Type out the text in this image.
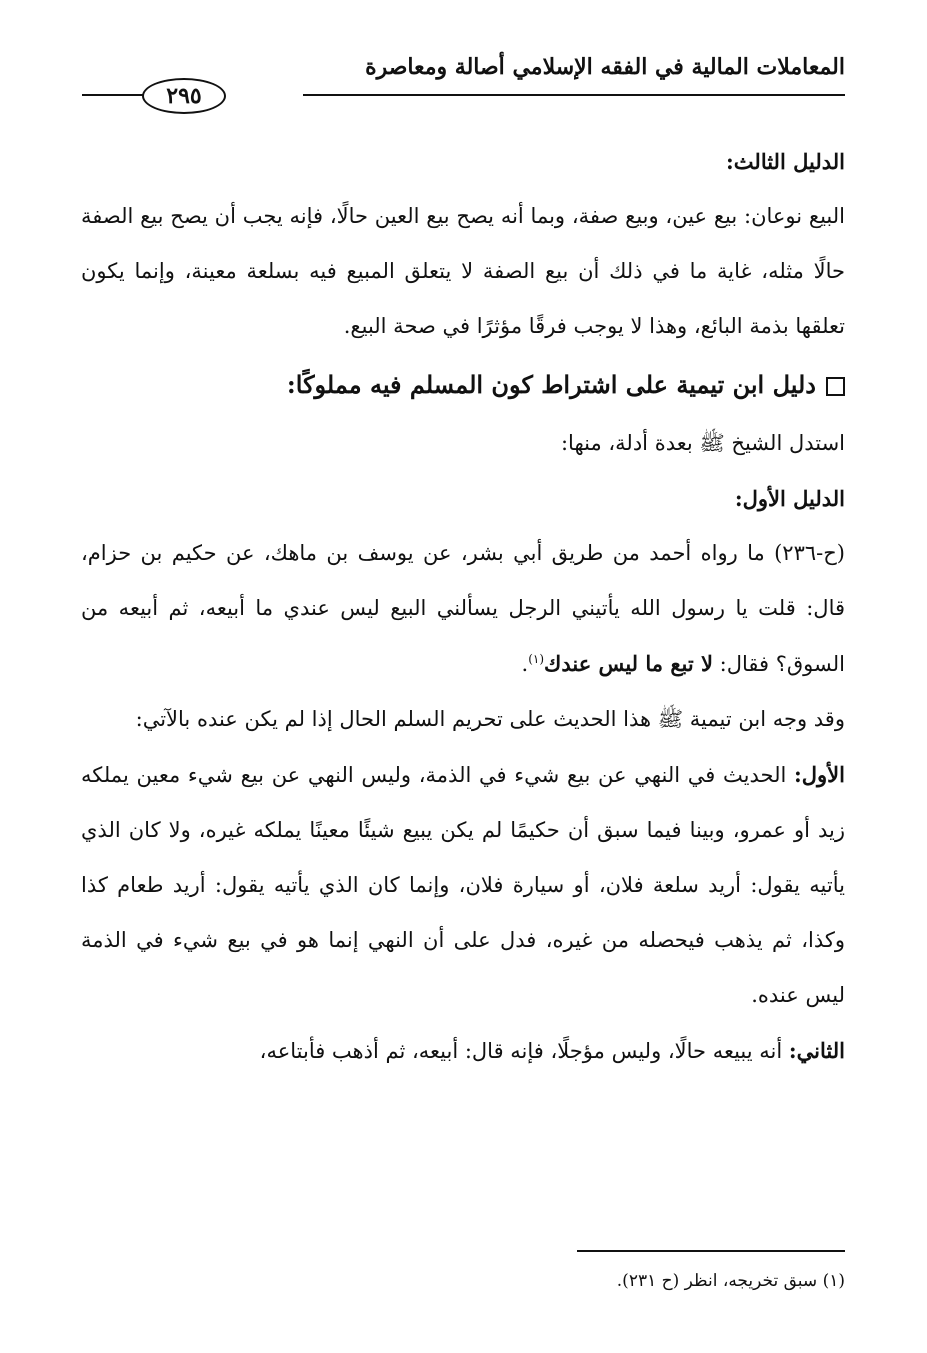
المعاملات المالية في الفقه الإسلامي أصالة ومعاصرة
٢٩٥

الدليل الثالث:

البيع نوعان: بيع عين، وبيع صفة، وبما أنه يصح بيع العين حالًا، فإنه يجب أن يصح بيع الصفة حالًا مثله، غاية ما في ذلك أن بيع الصفة لا يتعلق المبيع فيه بسلعة معينة، وإنما يكون تعلقها بذمة البائع، وهذا لا يوجب فرقًا مؤثرًا في صحة البيع.

دليل ابن تيمية على اشتراط كون المسلم فيه مملوكًا:

استدل الشيخ ﷺ بعدة أدلة، منها:

الدليل الأول:

(ح-٢٣٦) ما رواه أحمد من طريق أبي بشر، عن يوسف بن ماهك، عن حكيم بن حزام، قال: قلت يا رسول الله يأتيني الرجل يسألني البيع ليس عندي ما أبيعه، ثم أبيعه من السوق؟ فقال: لا تبع ما ليس عندك$^{(١)}$.

وقد وجه ابن تيمية ﷺ هذا الحديث على تحريم السلم الحال إذا لم يكن عنده بالآتي:

الأول: الحديث في النهي عن بيع شيء في الذمة، وليس النهي عن بيع شيء معين يملكه زيد أو عمرو، وبينا فيما سبق أن حكيمًا لم يكن يبيع شيئًا معينًا يملكه غيره، ولا كان الذي يأتيه يقول: أريد سلعة فلان، أو سيارة فلان، وإنما كان الذي يأتيه يقول: أريد طعام كذا وكذا، ثم يذهب فيحصله من غيره، فدل على أن النهي إنما هو في بيع شيء في الذمة ليس عنده.

الثاني: أنه يبيعه حالًا، وليس مؤجلًا، فإنه قال: أبيعه، ثم أذهب فأبتاعه،

(١) سبق تخريجه، انظر (ح ٢٣١).
